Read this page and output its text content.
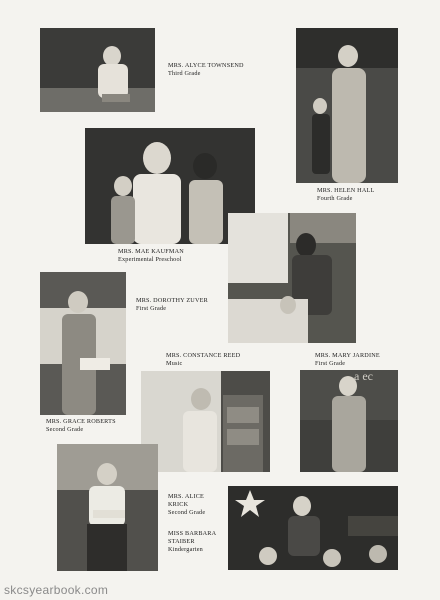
MRS. ALYCE TOWNSEND
Third Grade
MRS. HELEN HALL
Fourth Grade
MRS. MAE KAUFMAN
Experimental Preschool
MRS. DOROTHY ZUVER
First Grade
MRS. GRACE ROBERTS
Second Grade
MRS. CONSTANCE REED
Music
a ec
MRS. MARY JARDINE
First Grade
MRS. ALICE
KRICK
Second Grade
MISS BARBARA
STAIBER
Kindergarten
skcsyearbook.com
